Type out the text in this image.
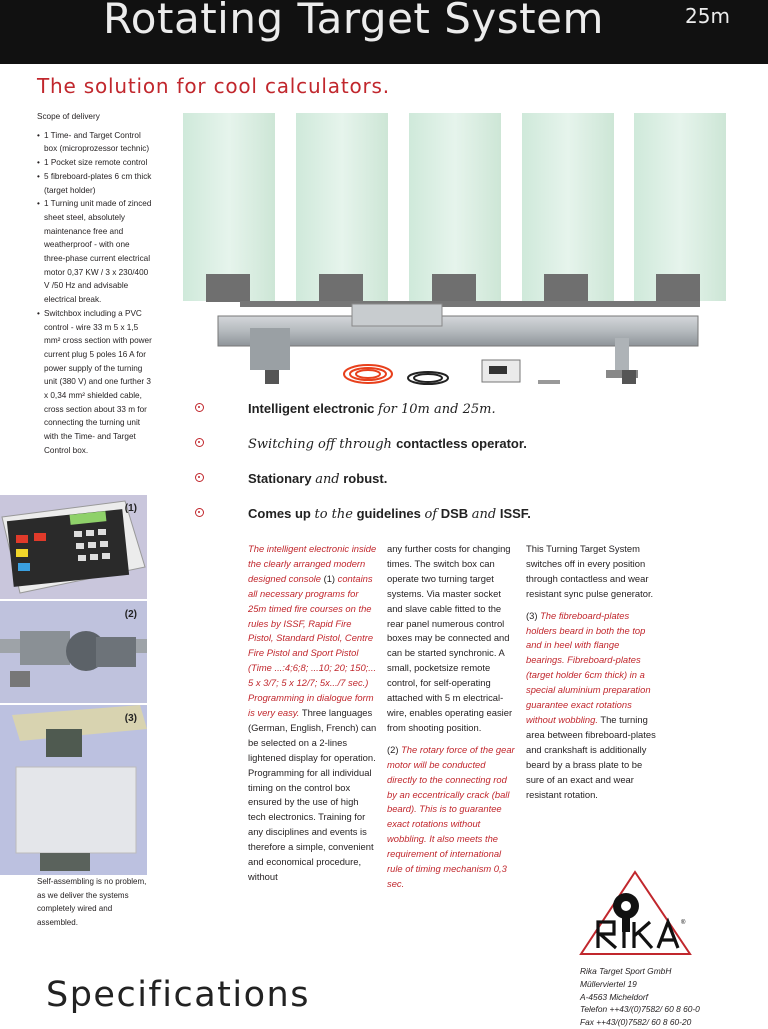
Rotating Target System	25m
The solution for cool calculators.
Scope of delivery
• 1 Time- and Target Control box (microprozessor technic)
• 1 Pocket size remote control
• 5 fibreboard-plates 6 cm thick (target holder)
• 1 Turning unit made of zinced sheet steel, absolutely maintenance free and weatherproof - with one three-phase current electrical motor 0,37 KW / 3 x 230/400 V /50 Hz and advisable electrical break.
• Switchbox including a PVC control - wire 33 m 5 x 1,5 mm² cross section with power current plug 5 poles 16 A for power supply of the turning unit (380 V) and one further 3 x 0,34 mm² shielded cable, cross section about 33 m for connecting the turning unit with the Time- and Target Control box.
Intelligent electronic for 10m and 25m.
Switching off through contactless operator.
Stationary and robust.
Comes up to the guidelines of DSB and ISSF.

The intelligent electronic inside the clearly arranged modern designed console (1) contains all necessary programs for 25m timed fire courses on the rules by ISSF, Rapid Fire Pistol, Standard Pistol, Centre Fire Pistol and Sport Pistol (Time ...:4;6;8; ...10; 20; 150;... 5 x 3/7; 5 x 12/7; 5x.../7 sec.) Programming in dialogue form is very easy. Three languages (German, English, French) can be selected on a 2-lines lightened display for operation. Programming for all individual timing on the control box ensured by the use of high tech electronics. Training for any disciplines and events is therefore a simple, convenient and economical procedure, without

any further costs for changing times. The switch box can operate two turning target systems. Via master socket and slave cable fitted to the rear panel numerous control boxes may be connected and can be started synchronic. A small, pocketsize remote control, for self-operating attached with 5 m electrical-wire, enables operating easier from shooting position.

(2) The rotary force of the gear motor will be conducted directly to the connecting rod by an eccentrically crack (ball beard). This is to guarantee exact rotations without wobbling. It also meets the requirement of international rule of timing mechanism 0,3 sec.

This Turning Target System switches off in every position through contactless and wear resistant sync pulse generator.

(3) The fibreboard-plates holders beard in both the top and in heel with flange bearings. Fibreboard-plates (target holder 6cm thick) in a special aluminium preparation guarantee exact rotations without wobbling. The turning area between fibreboard-plates and crankshaft is additionally beard by a brass plate to be sure of an exact and wear resistant rotation.

(1)
(2)
(3)
Self-assembling is no problem, as we deliver the systems completely wired and assembled.	®
Rika Target Sport GmbH
Müllerviertel 19
A-4563 Micheldorf
Telefon ++43/(0)7582/ 60 8 60-0
Fax ++43/(0)7582/ 60 8 60-20
Specifications
